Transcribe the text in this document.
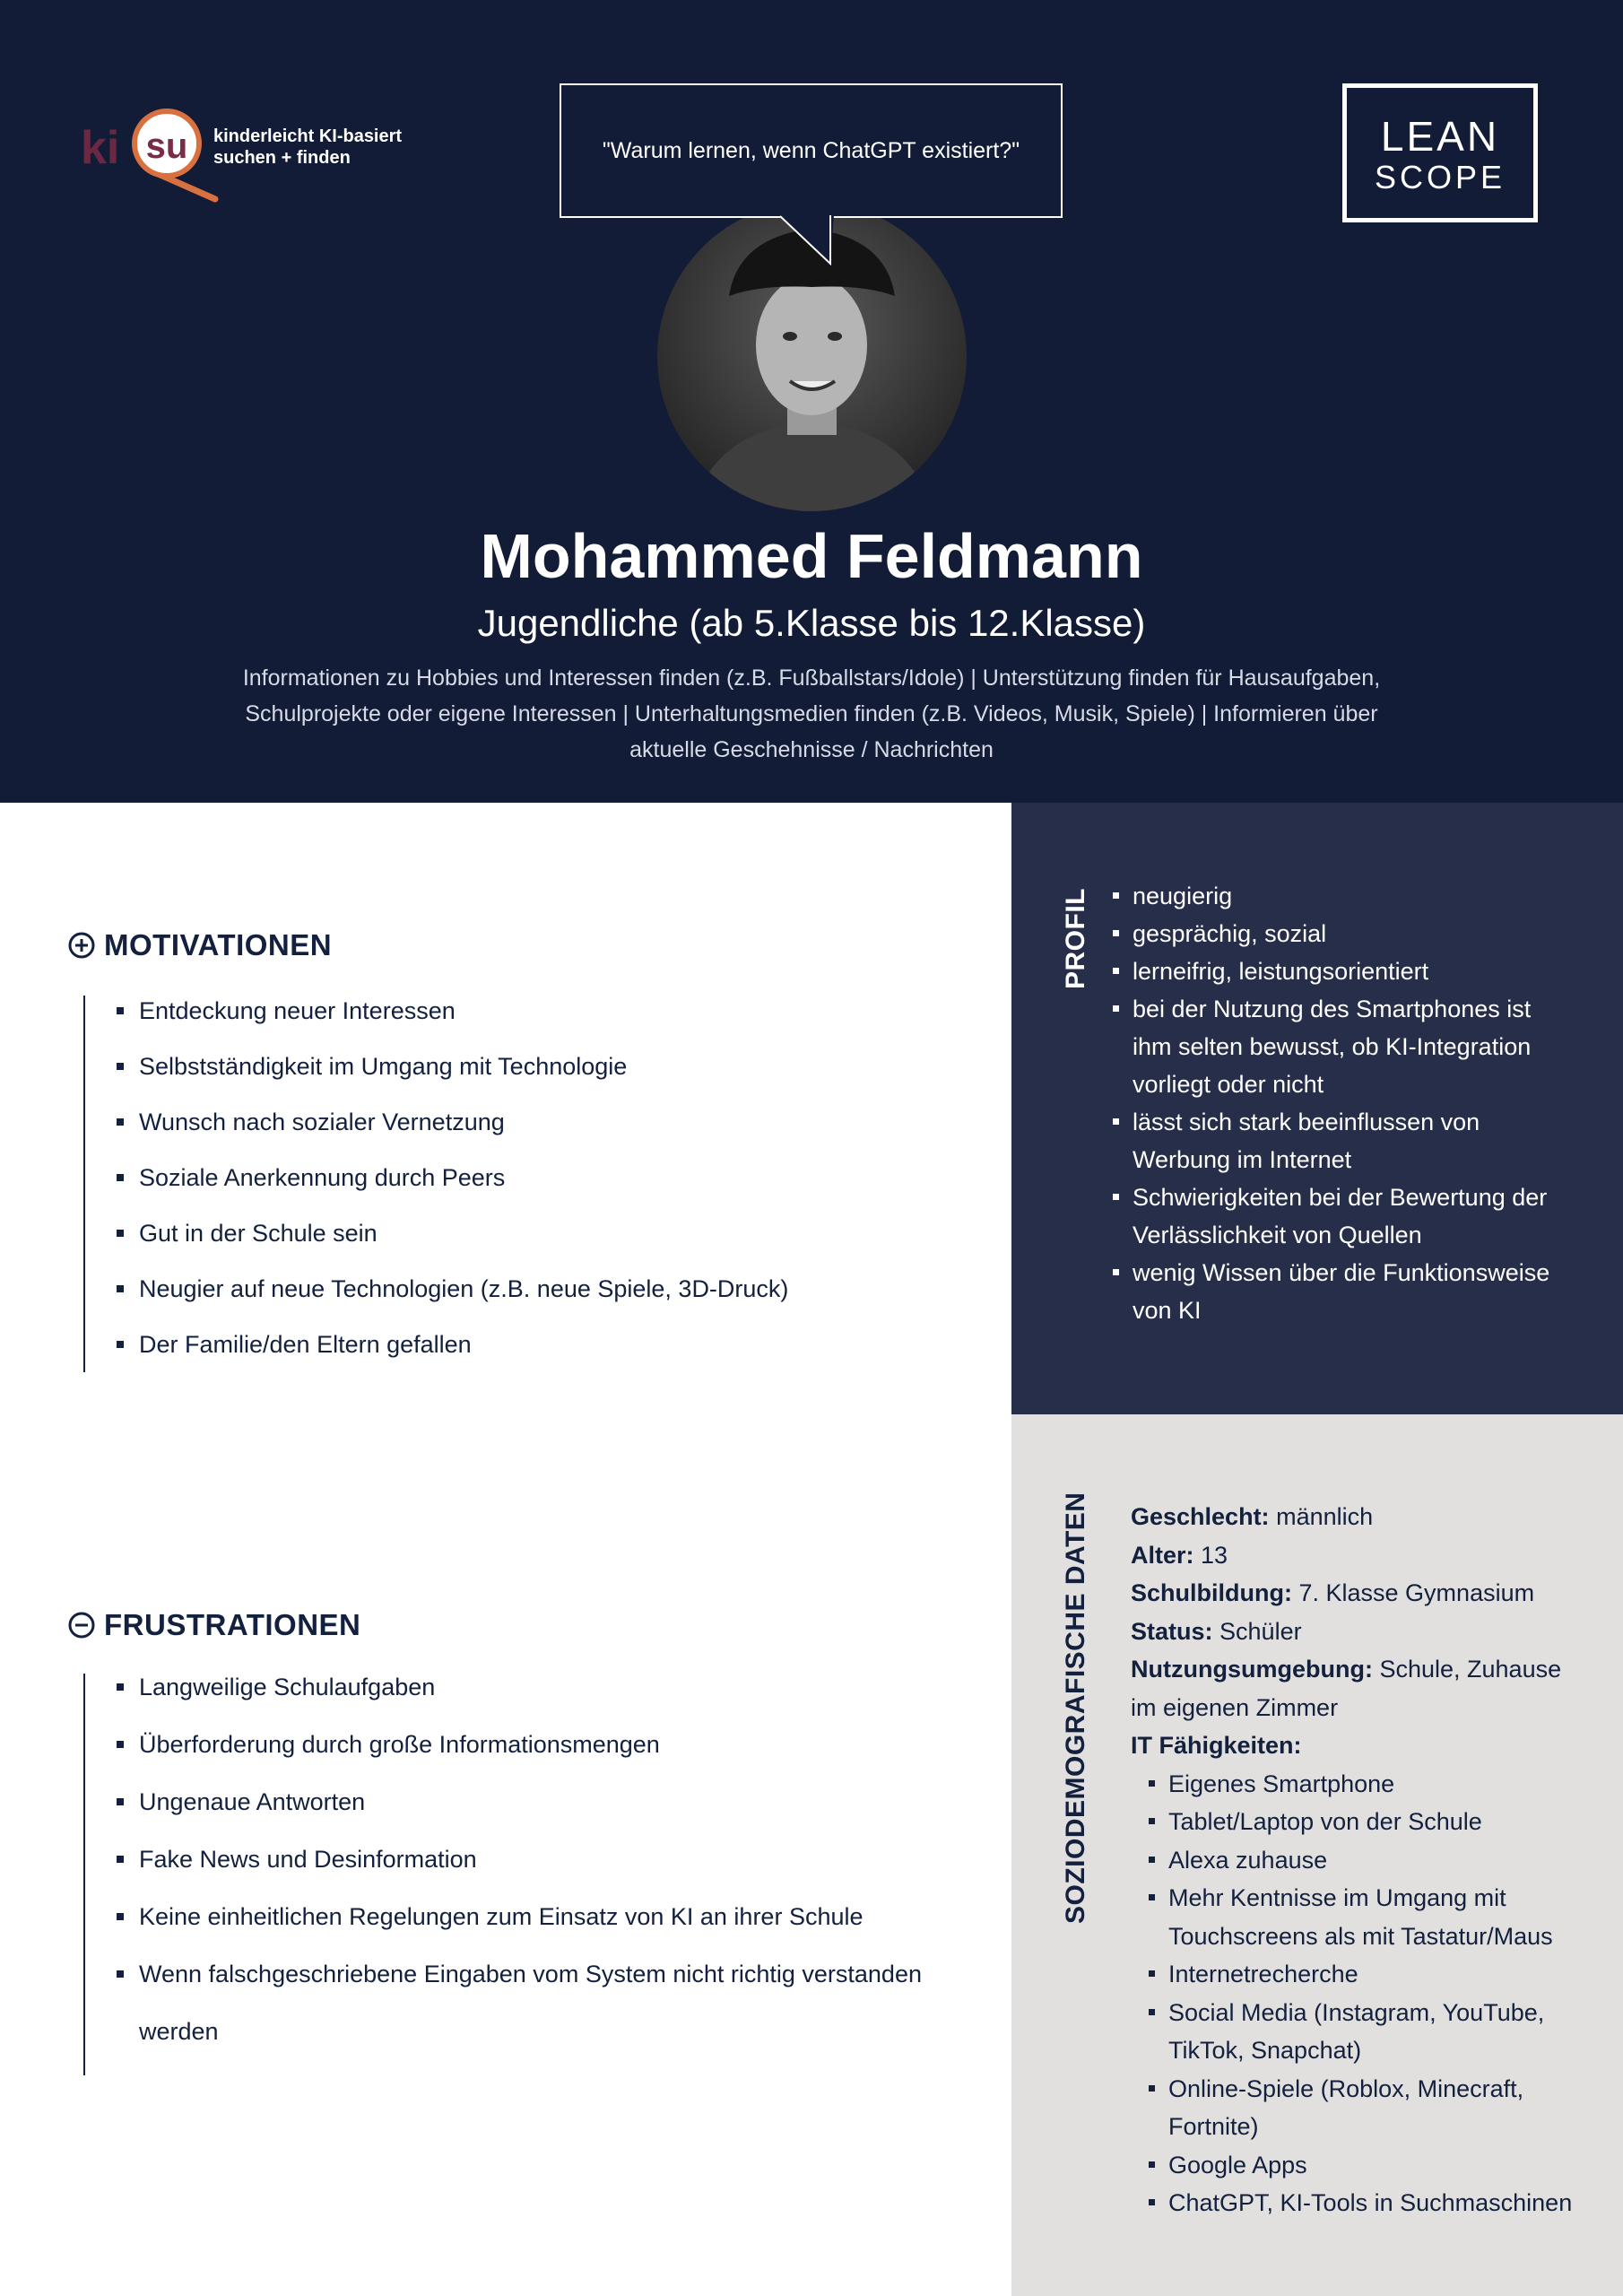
ki su kinderleicht KI-basiert
suchen + finden	"Warum lernen, wenn ChatGPT existiert?"	LEAN
SCOPE
Mohammed Feldmann
Jugendliche (ab 5.Klasse bis 12.Klasse)
Informationen zu Hobbies und Interessen finden (z.B. Fußballstars/Idole) | Unterstützung finden für Hausaufgaben, Schulprojekte oder eigene Interessen | Unterhaltungsmedien finden (z.B. Videos, Musik, Spiele) | Informieren über aktuelle Geschehnisse / Nachrichten
MOTIVATIONEN
Entdeckung neuer Interessen
Selbstständigkeit im Umgang mit Technologie
Wunsch nach sozialer Vernetzung
Soziale Anerkennung durch Peers
Gut in der Schule sein
Neugier auf neue Technologien (z.B. neue Spiele, 3D-Druck)
Der Familie/den Eltern gefallen
FRUSTRATIONEN
Langweilige Schulaufgaben
Überforderung durch große Informationsmengen
Ungenaue Antworten
Fake News und Desinformation
Keine einheitlichen Regelungen zum Einsatz von KI an ihrer Schule
Wenn falschgeschriebene Eingaben vom System nicht richtig verstanden werden
PROFIL neugierig
gesprächig, sozial
lerneifrig, leistungsorientiert
bei der Nutzung des Smartphones ist ihm selten bewusst, ob KI-Integration vorliegt oder nicht
lässt sich stark beeinflussen von Werbung im Internet
Schwierigkeiten bei der Bewertung der Verlässlichkeit von Quellen
wenig Wissen über die Funktionsweise von KI
SOZIODEMOGRAFISCHE DATEN Geschlecht: männlich
Alter: 13
Schulbildung: 7. Klasse Gymnasium
Status: Schüler
Nutzungsumgebung: Schule, Zuhause im eigenen Zimmer
IT Fähigkeiten:
Eigenes Smartphone
Tablet/Laptop von der Schule
Alexa zuhause
Mehr Kentnisse im Umgang mit Touchscreens als mit Tastatur/Maus
Internetrecherche
Social Media (Instagram, YouTube, TikTok, Snapchat)
Online-Spiele (Roblox, Minecraft, Fortnite)
Google Apps
ChatGPT, KI-Tools in Suchmaschinen
